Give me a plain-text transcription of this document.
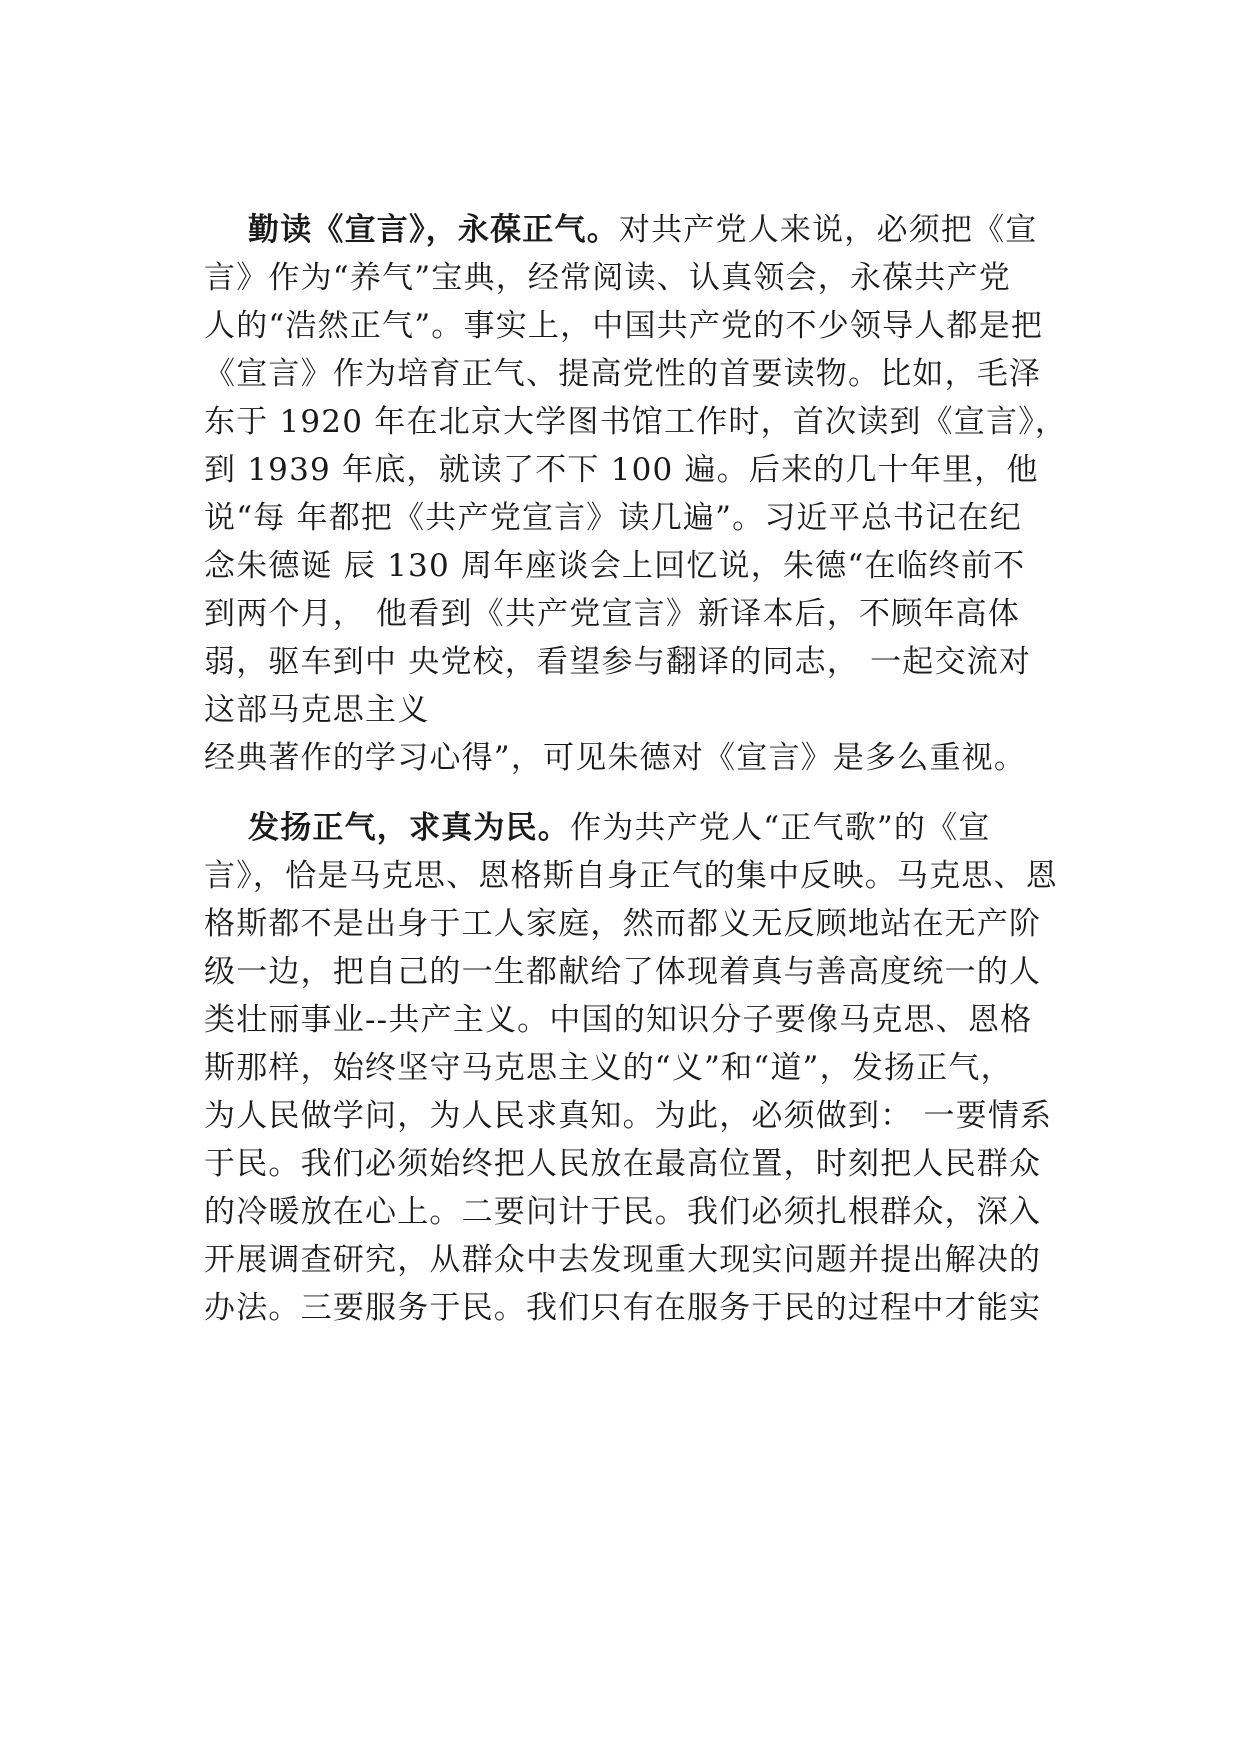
勤读《宣言》，永葆正气。对共产党人来说，必须把《宣
言》作为“养气”宝典，经常阅读、认真领会，永葆共产党
人的“浩然正气”。事实上，中国共产党的不少领导人都是把
《宣言》作为培育正气、提高党性的首要读物。比如，毛泽
东于 1920 年在北京大学图书馆工作时，首次读到《宣言》，
到 1939 年底，就读了不下 100 遍。后来的几十年里，他
说“每 年都把《共产党宣言》读几遍”。习近平总书记在纪
念朱德诞 辰 130 周年座谈会上回忆说，朱德“在临终前不
到两个月， 他看到《共产党宣言》新译本后，不顾年高体
弱，驱车到中 央党校，看望参与翻译的同志， 一起交流对
这部马克思主义
经典著作的学习心得”，可见朱德对《宣言》是多么重视。
发扬正气，求真为民。作为共产党人“正气歌”的《宣
言》，恰是马克思、恩格斯自身正气的集中反映。马克思、恩
格斯都不是出身于工人家庭，然而都义无反顾地站在无产阶
级一边，把自己的一生都献给了体现着真与善高度统一的人
类壮丽事业--共产主义。中国的知识分子要像马克思、恩格
斯那样，始终坚守马克思主义的“义”和“道”，发扬正气，
为人民做学问，为人民求真知。为此，必须做到： 一要情系
于民。我们必须始终把人民放在最高位置，时刻把人民群众
的冷暖放在心上。二要问计于民。我们必须扎根群众，深入
开展调查研究，从群众中去发现重大现实问题并提出解决的
办法。三要服务于民。我们只有在服务于民的过程中才能实
